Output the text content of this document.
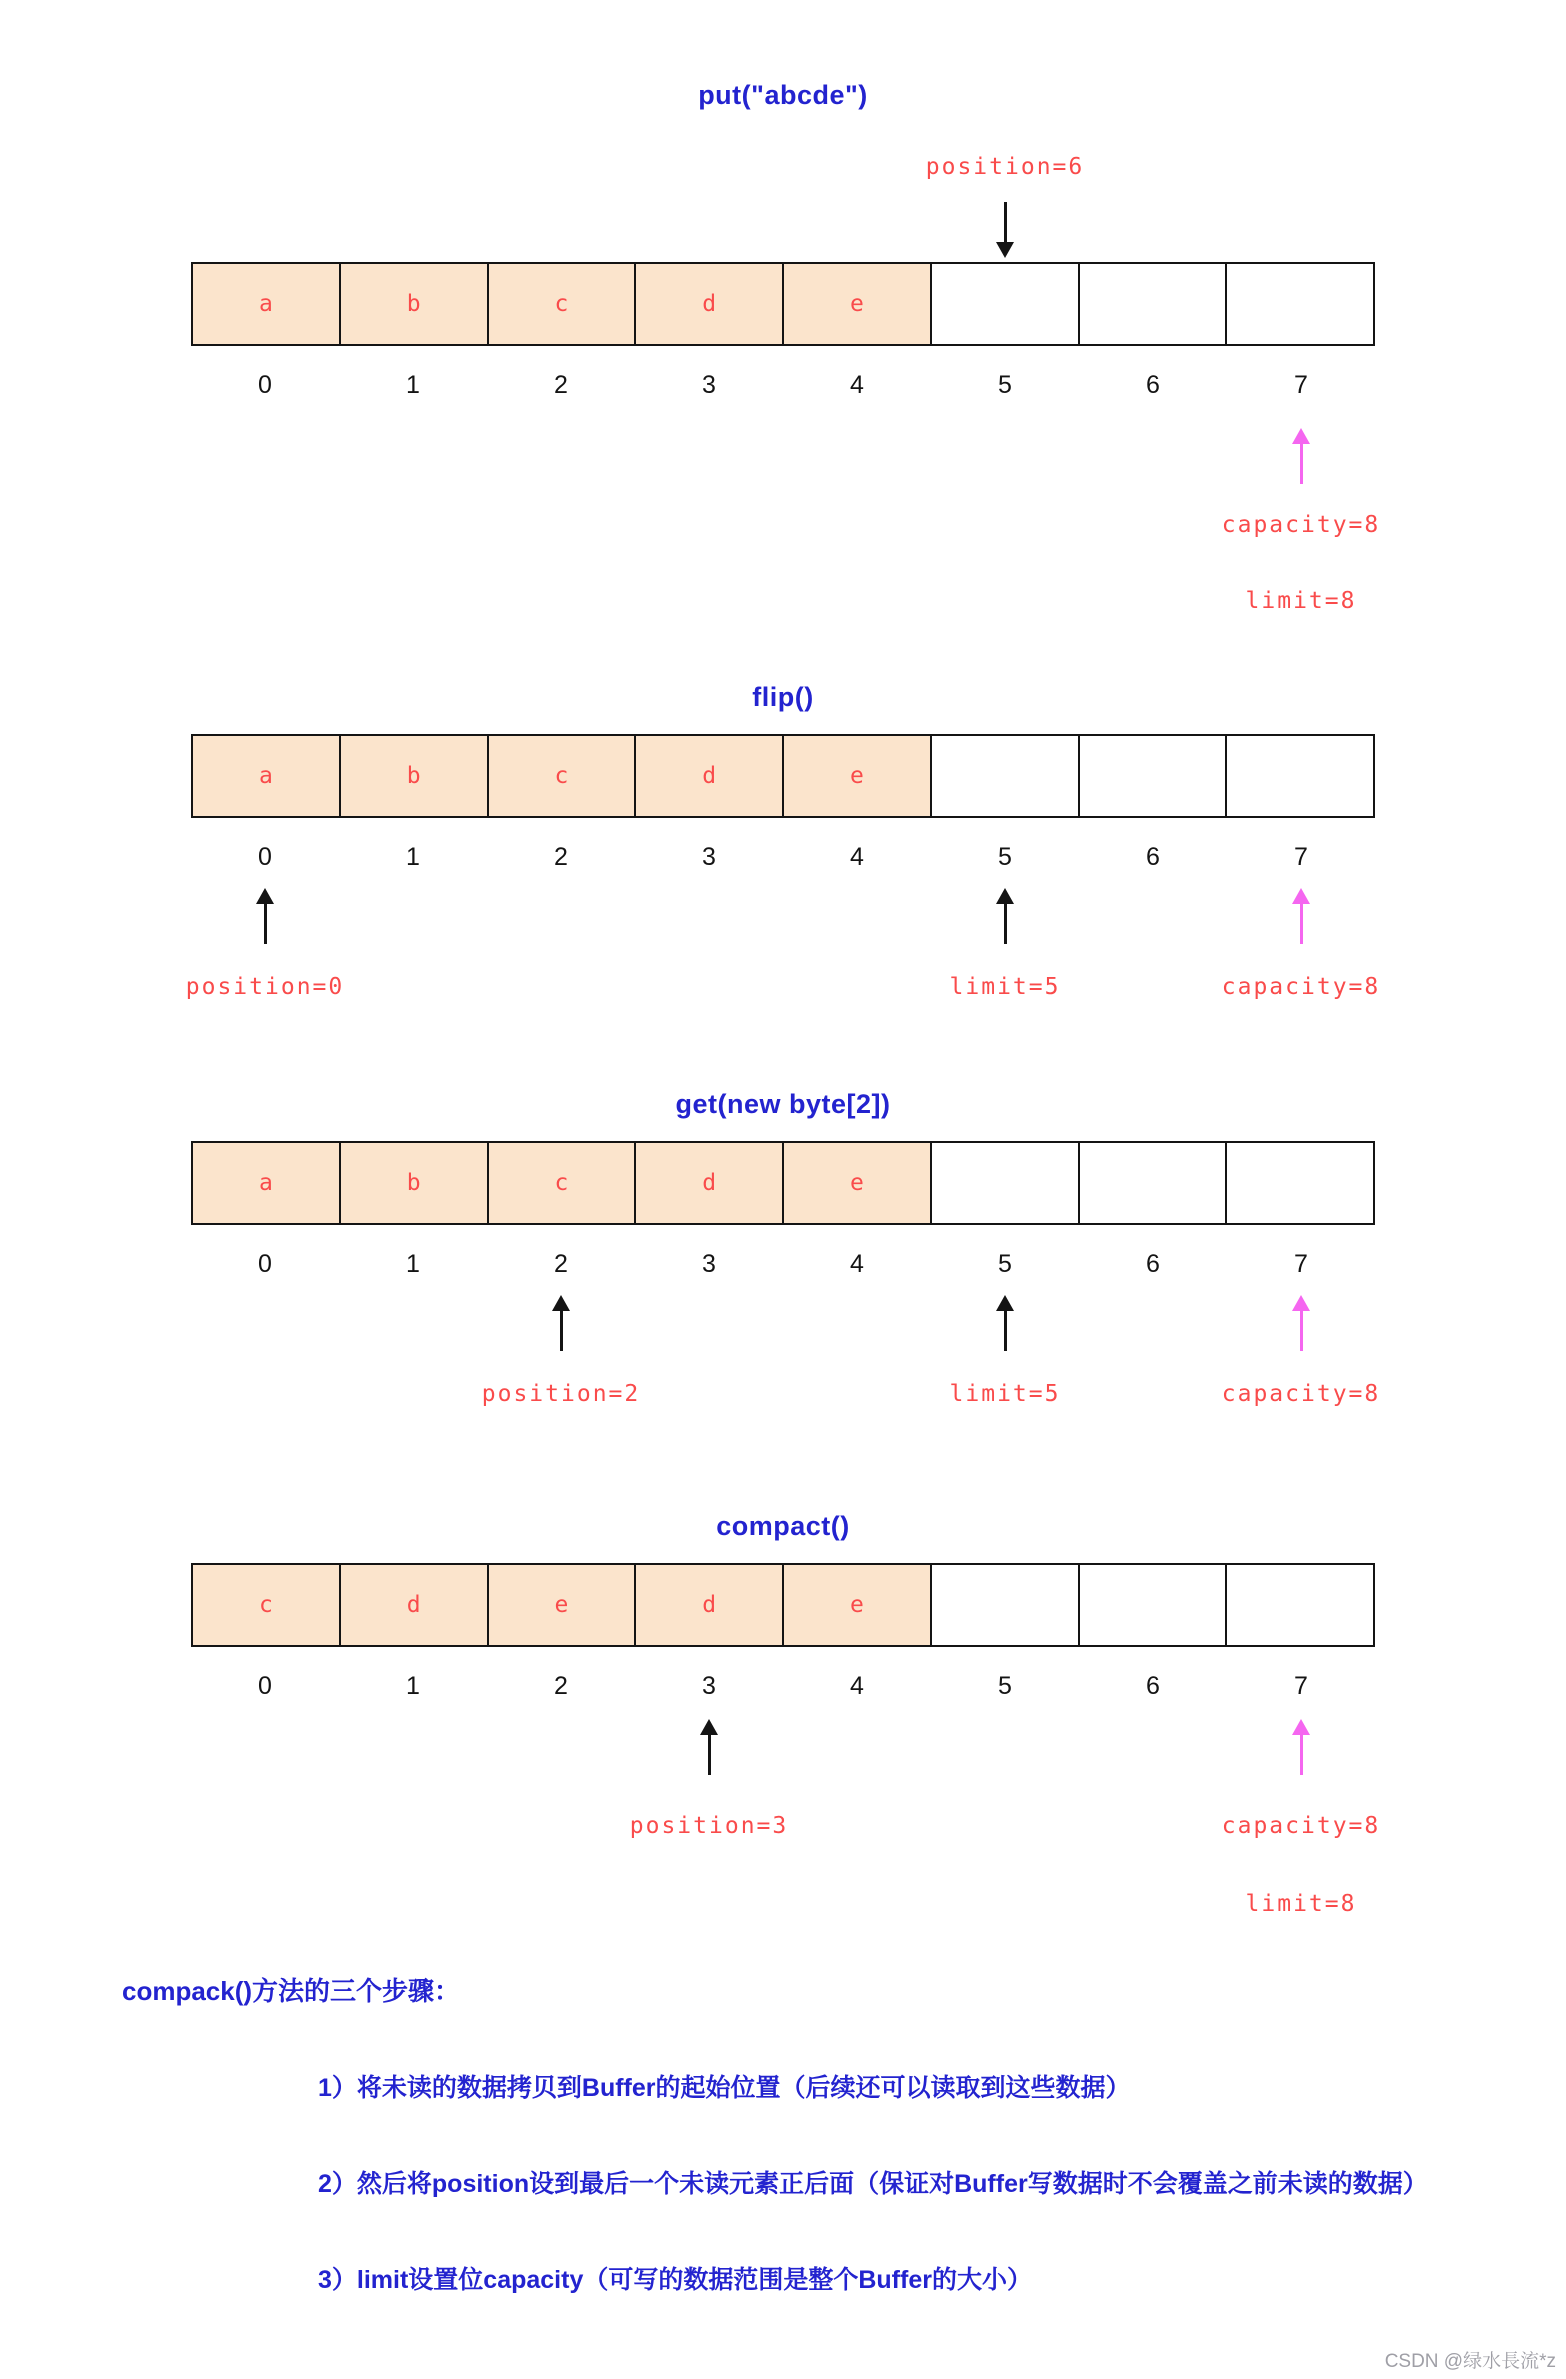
put("abcde")
position=6
a	b	c	d	e
0	1	2	3	4	5	6	7
capacity=8
limit=8
flip()
a	b	c	d	e
0	1	2	3	4	5	6	7
position=0	limit=5	capacity=8
get(new byte[2])
a	b	c	d	e
0	1	2	3	4	5	6	7
position=2	limit=5	capacity=8
compact()
c	d	e	d	e
0	1	2	3	4	5	6	7
position=3	capacity=8
limit=8
compack()方法的三个步骤：

1）将未读的数据拷贝到Buffer的起始位置（后续还可以读取到这些数据）

2）然后将position设到最后一个未读元素正后面（保证对Buffer写数据时不会覆盖之前未读的数据）

3）limit设置位capacity（可写的数据范围是整个Buffer的大小）

CSDN @绿水長流*z
